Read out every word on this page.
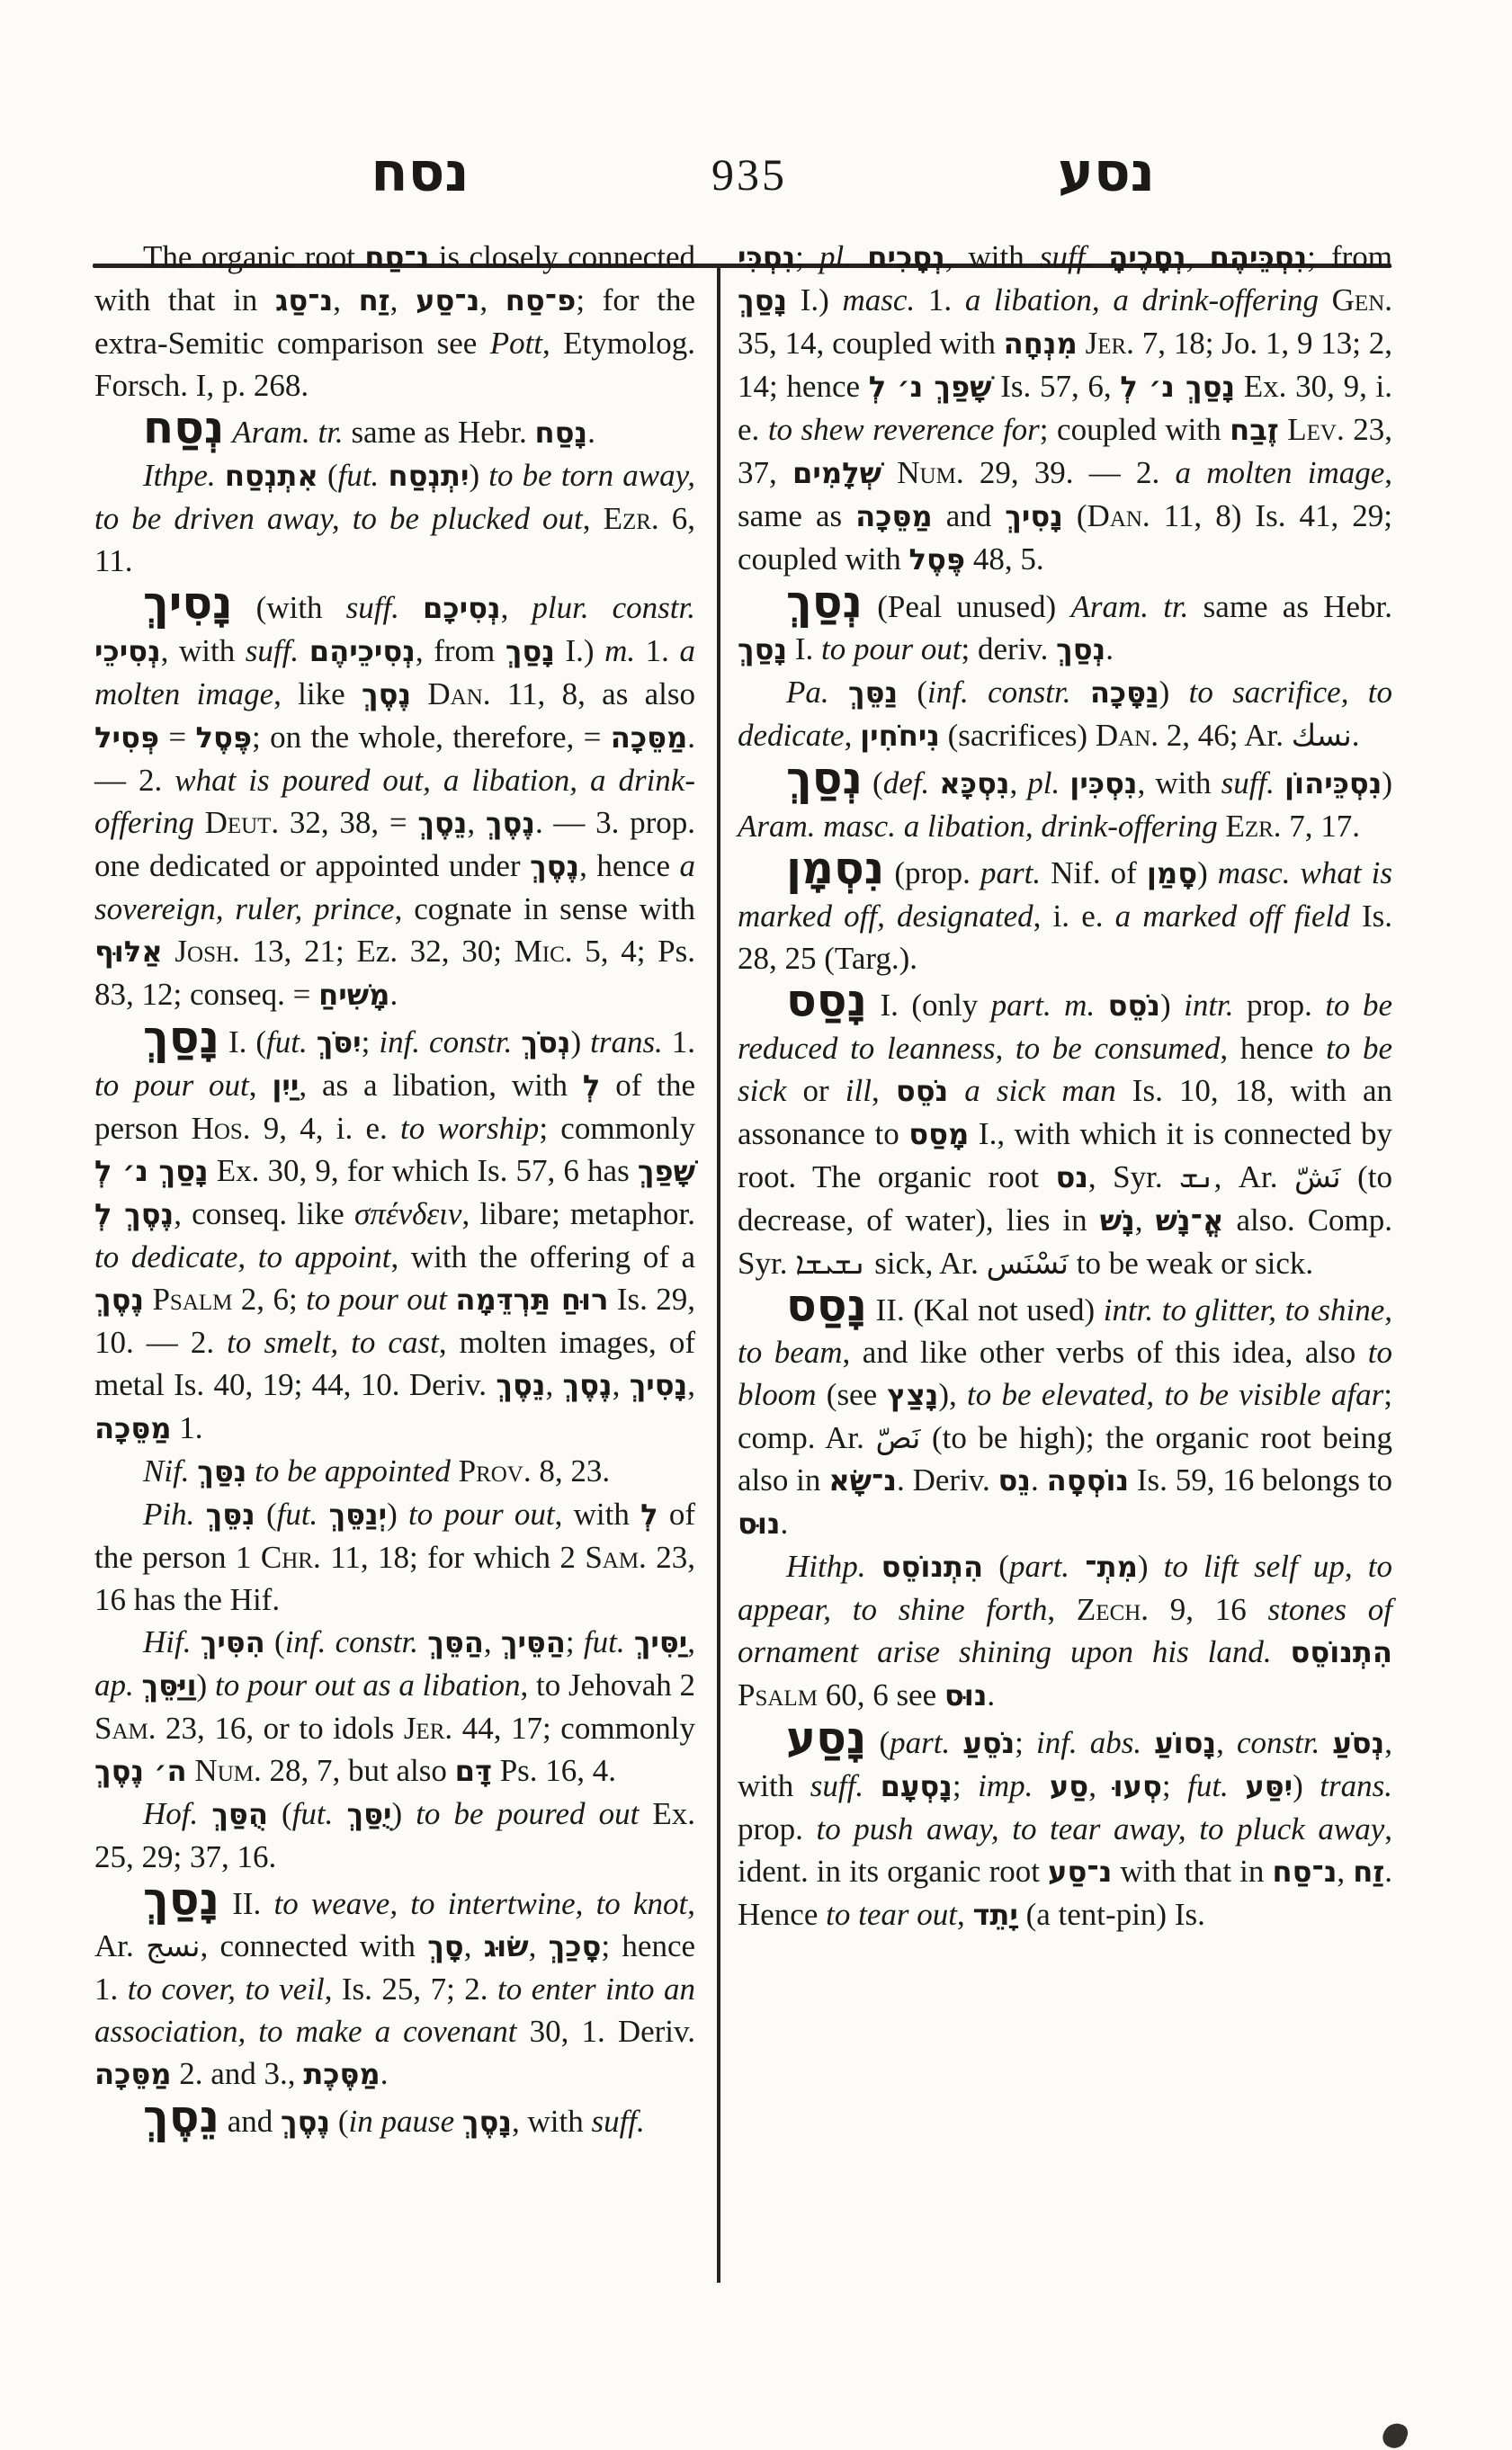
נסח	935	נסע

The organic root נ־סַח is closely connected with that in נ־סַג, זַח, נ־סַע, פ־סַח; for the extra-Semitic comparison see Pott, Etymolog. Forsch. I, p. 268.

נְסַח Aram. tr. same as Hebr. נָסַח.

Ithpe. אִתְנְסַח (fut. יִתְנְסַח) to be torn away, to be driven away, to be plucked out, Ezr. 6, 11.

נָסִיךְ (with suff. נְסִיכָם, plur. constr. נְסִיכֵי, with suff. נְסִיכֵיהֶם, from נָסַךְ I.) m. 1. a molten image, like נֶסֶךְ Dan. 11, 8, as also פְּסִיל = פֶּסֶל; on the whole, therefore, = מַסֵּכָה. — 2. what is poured out, a libation, a drink-offering Deut. 32, 38, = נֵסֶךְ, נֶסֶךְ. — 3. prop. one dedicated or appointed under נֶסֶךְ, hence a sovereign, ruler, prince, cognate in sense with אַלּוּף Josh. 13, 21; Ez. 32, 30; Mic. 5, 4; Ps. 83, 12; conseq. = מָשִׁיחַ.

נָסַךְ I. (fut. יִסֹּךְ; inf. constr. נְסֹךְ) trans. 1. to pour out, יַיִן, as a libation, with לְ of the person Hos. 9, 4, i. e. to worship; commonly נָסַךְ נ׳ לְ Ex. 30, 9, for which Is. 57, 6 has שָׁפַךְ נֶסֶךְ לְ, conseq. like σπένδειν, libare; metaphor. to dedicate, to appoint, with the offering of a נֶסֶךְ Psalm 2, 6; to pour out רוּחַ תַּרְדֵּמָה Is. 29, 10. — 2. to smelt, to cast, molten images, of metal Is. 40, 19; 44, 10. Deriv. נֵסֶךְ, נֶסֶךְ, נָסִיךְ, מַסֵּכָה 1.

Nif. נִסַּךְ to be appointed Prov. 8, 23.

Pih. נִסֵּךְ (fut. יְנַסֵּךְ) to pour out, with לְ of the person 1 Chr. 11, 18; for which 2 Sam. 23, 16 has the Hif.

Hif. הִסִּיךְ (inf. constr. הַסֵּךְ, הַסֵּיךְ; fut. יַסִּיךְ, ap. וַיַּסֵּךְ) to pour out as a libation, to Jehovah 2 Sam. 23, 16, or to idols Jer. 44, 17; commonly ה׳ נֶסֶךְ Num. 28, 7, but also דָּם Ps. 16, 4.

Hof. הֻסַּךְ (fut. יֻסַּךְ) to be poured out Ex. 25, 29; 37, 16.

נָסַךְ II. to weave, to intertwine, to knot, Ar. نسج, connected with סָךְ, שׂוּג, סָכַךְ; hence 1. to cover, to veil, Is. 25, 7; 2. to enter into an association, to make a covenant 30, 1. Deriv. מַסֵּכָה 2. and 3., מַסֶּכֶת.

נֵסֶךְ and נֶסֶךְ (in pause נָסֶךְ, with suff.

נִסְכִּי; pl. נְסָכִים, with suff. נְסָכֶיהָ, נִסְכֵּיהֶם; from נָסַךְ I.) masc. 1. a libation, a drink-offering Gen. 35, 14, coupled with מִנְחָה Jer. 7, 18; Jo. 1, 9 13; 2, 14; hence שָׁפַךְ נ׳ לְ Is. 57, 6, נָסַךְ נ׳ לְ Ex. 30, 9, i. e. to shew reverence for; coupled with זֶבַח Lev. 23, 37, שְׁלָמִים Num. 29, 39. — 2. a molten image, same as מַסֵּכָה and נָסִיךְ (Dan. 11, 8) Is. 41, 29; coupled with פֶּסֶל 48, 5.

נְסַךְ (Peal unused) Aram. tr. same as Hebr. נָסַךְ I. to pour out; deriv. נְסַךְ.

Pa. נַסֵּךְ (inf. constr. נַסָּכָה) to sacrifice, to dedicate, נִיחֹחִין (sacrifices) Dan. 2, 46; Ar. نسك.

נְסַךְ (def. נִסְכָּא, pl. נִסְכִּין, with suff. נִסְכֵּיהוֹן) Aram. masc. a libation, drink-offering Ezr. 7, 17.

נִסְמָן (prop. part. Nif. of סָמַן) masc. what is marked off, designated, i. e. a marked off field Is. 28, 25 (Targ.).

נָסַס I. (only part. m. נֹסֵס) intr. prop. to be reduced to leanness, to be consumed, hence to be sick or ill, נֹסֵס a sick man Is. 10, 18, with an assonance to מָסַס I., with which it is connected by root. The organic root נס, Syr. ܢܫ, Ar. نَشّ (to decrease, of water), lies in נָשׁ, אֳ־נָשׁ also. Comp. Syr. ܢܫܝܫܐ sick, Ar. نَسْنَس to be weak or sick.

נָסַס II. (Kal not used) intr. to glitter, to shine, to beam, and like other verbs of this idea, also to bloom (see נָצַץ), to be elevated, to be visible afar; comp. Ar. نَصّ (to be high); the organic root being also in נ־שָׂא. Deriv. נֵס. נוֹסְסָה Is. 59, 16 belongs to נוּס.

Hithp. הִתְנוֹסֵס (part. מִתְ־) to lift self up, to appear, to shine forth, Zech. 9, 16 stones of ornament arise shining upon his land. הִתְנוֹסֵס Psalm 60, 6 see נוּס.

נָסַע (part. נֹסֵעַ; inf. abs. נָסוֹעַ, constr. נְסֹעַ, with suff. נָסְעָם; imp. סַע, סְעוּ; fut. יִסַּע) trans. prop. to push away, to tear away, to pluck away, ident. in its organic root נ־סַע with that in נ־סַח, זַח. Hence to tear out, יָתֵד (a tent-pin) Is.
